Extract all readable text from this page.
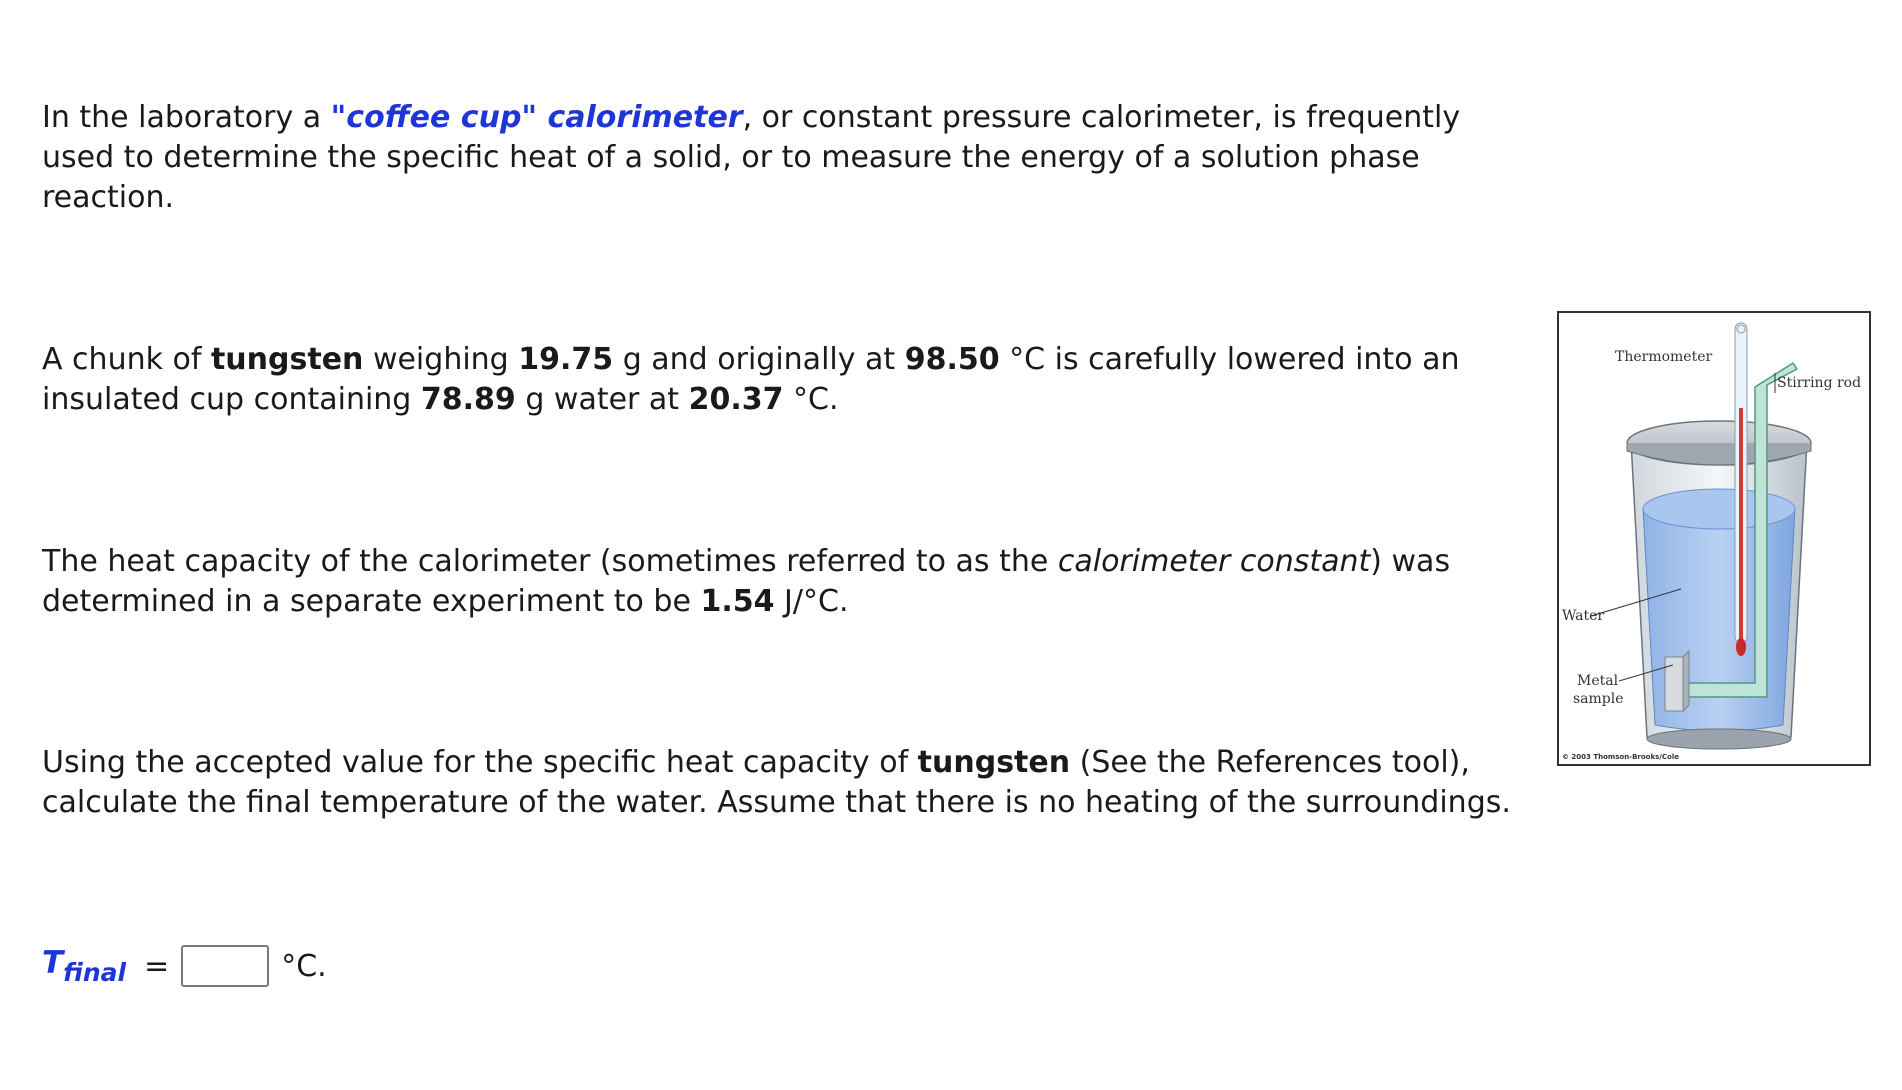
In the laboratory a "coffee cup" calorimeter, or constant pressure calorimeter, is frequently used to determine the specific heat of a solid, or to measure the energy of a solution phase reaction.

A chunk of tungsten weighing 19.75 g and originally at 98.50 °C is carefully lowered into an insulated cup containing 78.89 g water at 20.37 °C.

The heat capacity of the calorimeter (sometimes referred to as the calorimeter constant) was determined in a separate experiment to be 1.54 J/°C.

Using the accepted value for the specific heat capacity of tungsten (See the References tool), calculate the final temperature of the water. Assume that there is no heating of the surroundings.

$T_{final}$ =	°C.
Thermometer
Stirring rod
Water
Metal
sample
© 2003 Thomson-Brooks/Cole
